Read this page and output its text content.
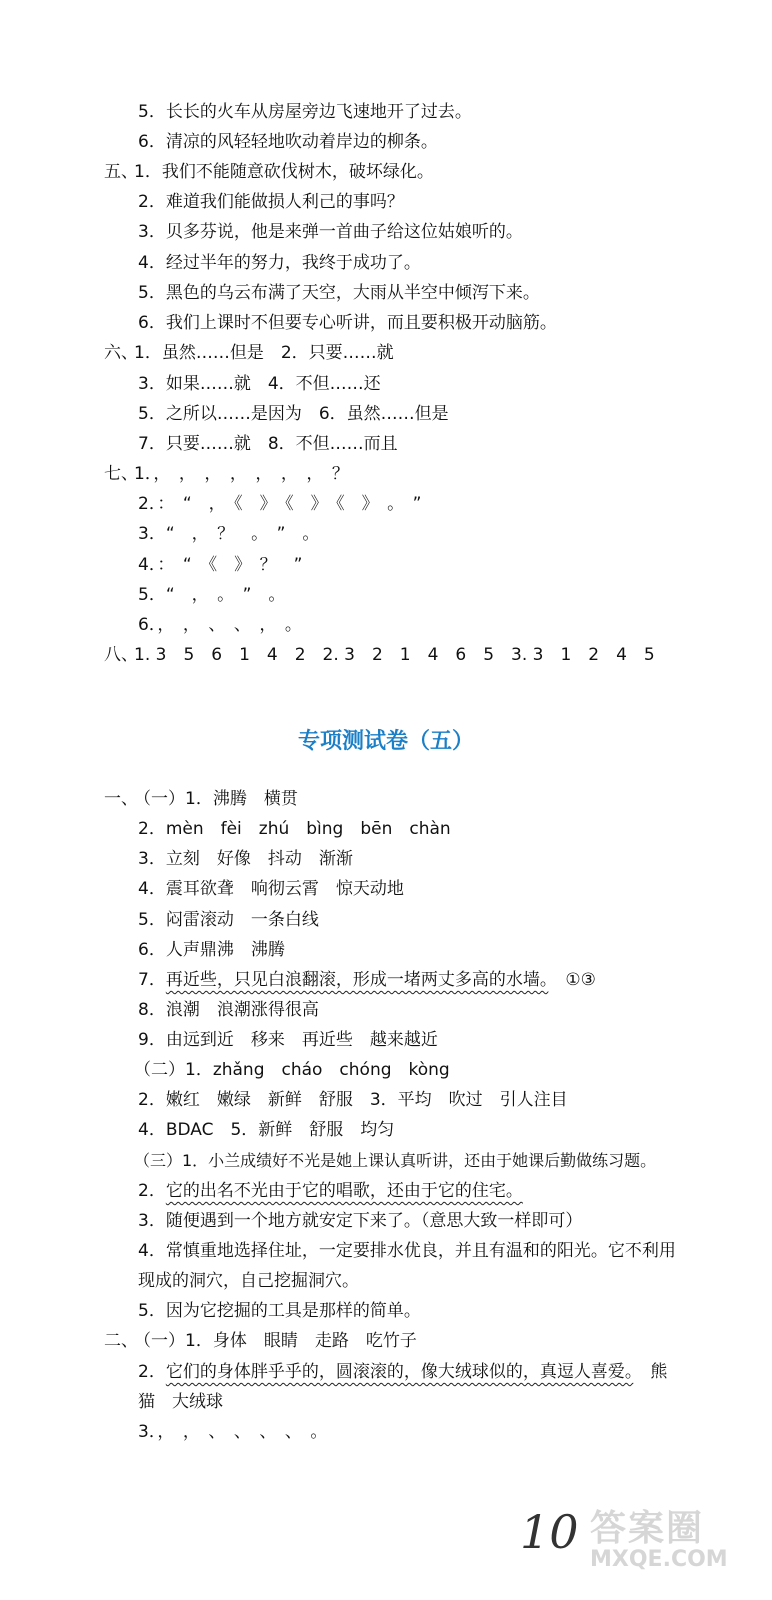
5．长长的火车从房屋旁边飞速地开了过去。
6．清凉的风轻轻地吹动着岸边的柳条。
五、1．我们不能随意砍伐树木，破坏绿化。
2．难道我们能做损人利己的事吗？
3．贝多芬说，他是来弹一首曲子给这位姑娘听的。
4．经过半年的努力，我终于成功了。
5．黑色的乌云布满了天空，大雨从半空中倾泻下来。
6．我们上课时不但要专心听讲，而且要积极开动脑筋。
六、1．虽然……但是　2．只要……就
3．如果……就　4．不但……还
5．之所以……是因为　6．虽然……但是
7．只要……就　8．不但……而且
七、1．，　，　，　，　，　，　，　？
2．：　“　，　《　》　《　》　《　》　。　”
3．“　，　？　。　”　。
4．：　“　《　》　？　”
5．“　，　。　”　。
6．，　，　、　、　，　。
八、1. 3　5　6　1　4　2　2. 3　2　1　4　6　5　3. 3　1　2　4　5
专项测试卷（五）
一、（一）1．沸腾　横贯
2．mèn　fèi　zhú　bìng　bēn　chàn
3．立刻　好像　抖动　渐渐
4．震耳欲聋　响彻云霄　惊天动地
5．闷雷滚动　一条白线
6．人声鼎沸　沸腾
7．再近些，只见白浪翻滚，形成一堵两丈多高的水墙。　①③
8．浪潮　浪潮涨得很高
9．由远到近　移来　再近些　越来越近
（二）1．zhǎng　cháo　chóng　kòng
2．嫩红　嫩绿　新鲜　舒服　3．平均　吹过　引人注目
4．BDAC　5．新鲜　舒服　均匀
（三）1．小兰成绩好不光是她上课认真听讲，还由于她课后勤做练习题。
2．它的出名不光由于它的唱歌，还由于它的住宅。
3．随便遇到一个地方就安定下来了。（意思大致一样即可）
4．常慎重地选择住址，一定要排水优良，并且有温和的阳光。它不利用
现成的洞穴，自己挖掘洞穴。
5．因为它挖掘的工具是那样的简单。
二、（一）1．身体　眼睛　走路　吃竹子
2．它们的身体胖乎乎的，圆滚滚的，像大绒球似的，真逗人喜爱。　熊
猫　大绒球
3．，　，　、　、　、　、　。
10 答案圈
MXQE.COM
